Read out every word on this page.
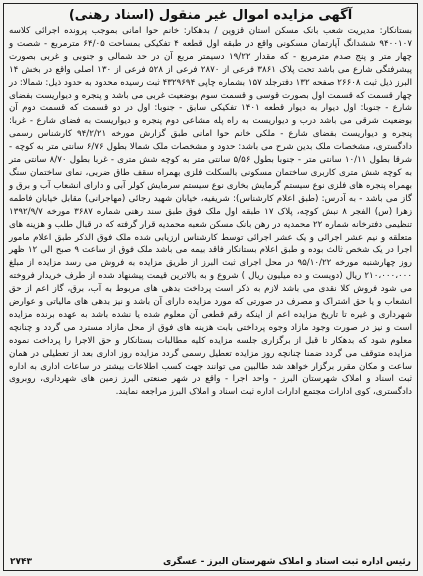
آگهی مزایده اموال غیر منقول (اسناد رهنی)
بستانکار: مدیریت شعب بانک مسکن استان قزوین / بدهکار: خانم حوا امانی بموجب پرونده اجرائی کلاسه ۹۴۰۰۱۰۷ ششدانگ آپارتمان مسکونی واقع در طبقه اول قطعه ۴ تفکیکی بمساحت ۶۴/۰۵ مترمربع - شصت و چهار متر و پنج صدم مترمربع - که مقدار ۱۹/۲۲ دسیمتر مربع آن در حد شمالی و جنوبی و غربی بصورت پیشرفتگی شارع می باشد تحت پلاک ۳۸۶۱ فرعی از ۲۸۷۰ فرعی از ۵۲۸ فرعی از ۱۳۰ اصلی واقع در بخش ۱۴ البرز ذیل ثبت ۲۶۶۰۸ صفحه ۱۳۲ دفترجلد ۱۵۷ بشماره چاپی ۴۳۲۹۶۹۴ ثبت رسیده محدود به حدود ذیل: شمالا: در چهار قسمت که قسمت اول بصورت قوسی و قسمت سوم بوضعیت غربی می باشد و پنجره و دیواریست بفضای شارع - جنوبا: اول دیوار به دیوار قطعه ۱۴۰۱ تفکیکی سابق - جنوبا: اول در دو قسمت که قسمت دوم آن بوضعیت شرقی می باشد درب و دیواریست به راه پله مشاعی دوم پنجره و دیواریست به فضای شارع - غربا: پنجره و دیواریست بفضای شارع - ملکی خانم حوا امانی طبق گزارش مورخه ۹۴/۲/۲۱ کارشناس رسمی دادگستری، مشخصات ملک بدین شرح می باشد: حدود و مشخصات ملک شمالا بطول ۶/۷۶ سانتی متر به کوچه - شرقا بطول ۱۰/۱۱ سانتی متر - جنوبا بطول ۵/۵۶ سانتی متر به کوچه شش متری - غربا بطول ۸/۷۰ سانتی متر به کوچه شش متری کاربری ساختمان مسکونی بالسکلت فلزی بهمراه سقف طاق ضربی، نمای ساختمان سنگ بهمراه پنجره های فلزی نوع سیستم گرمایش بخاری نوع سیستم سرمایش کولر آبی و دارای انشعاب آب و برق و گاز می باشد - به آدرس: (طبق اعلام کارشناس): شریفیه، خیابان شهید رجائی (مهاجرانی) مقابل خیابان فاطمه زهرا (س) الفجر ۸ نبش کوچه، پلاک ۱۷ طبقه اول ملک فوق طبق سند رهنی شماره ۳۶۸۷ مورخه ۱۳۹۲/۹/۷ تنظیمی دفترخانه شماره ۲۲ محمدیه در رهن بانک مسکن شعبه محمدیه قرار گرفته که در قبال طلب و هزینه های متعلقه و نیم عشر اجرائی و یک عشر اجرائی توسط کارشناس ارزیابی شده ملک فوق الذکر طبق اعلام مامور اجرا در یک شخص ثالث بوده و طبق اعلام بستانکار فاقد بیمه می باشد ملک فوق از ساعت ۹ صبح الی ۱۲ ظهر روز چهارشنبه مورخه ۹۵/۱۰/۲۲ در محل اجرای ثبت البرز از طریق مزایده به فروش می رسد مزایده از مبلغ ۲۱۰،۰۰۰،۰۰۰ ریال (دویست و ده میلیون ریال ) شروع و به بالاترین قیمت پیشنهاد شده از طرف خریدار فروخته می شود فروش کلا نقدی می باشد لازم به ذکر است پرداخت بدهی های مربوط به آب، برق، گاز اعم از حق انشعاب و یا حق اشتراک و مصرف در صورتی که مورد مزایده دارای آن باشد و نیز بدهی های مالیاتی و عوارض شهرداری و غیره تا تاریخ مزایده اعم از اینکه رقم قطعی آن معلوم شده یا نشده باشد به عهده برنده مزایده است و نیز در صورت وجود مازاد وجوه پرداختی بابت هزینه های فوق از محل مازاد مسترد می گردد و چنانچه معلوم شود که بدهکار تا قبل از برگزاری جلسه مزایده کلیه مطالبات بستانکار و حق الاجرا را پرداخت نموده مزایده متوقف می گردد ضمنا چنانچه روز مزایده تعطیل رسمی گردد مزایده روز اداری بعد از تعطیلی در همان ساعت و مکان مقرر برگزار خواهد شد طالبین می توانند جهت کسب اطلاعات بیشتر در ساعات اداری به اداره ثبت اسناد و املاک شهرستان البرز - واحد اجرا - واقع در شهر صنعتی البرز زمین های شهرداری، روبروی دادگستری، کوی ادارات مجتمع ادارات اداره ثبت اسناد و املاک البرز مراجعه نمایند.
رئیس اداره ثبت اسناد و املاک شهرستان البرز - عسگری
۲۷۴۳
